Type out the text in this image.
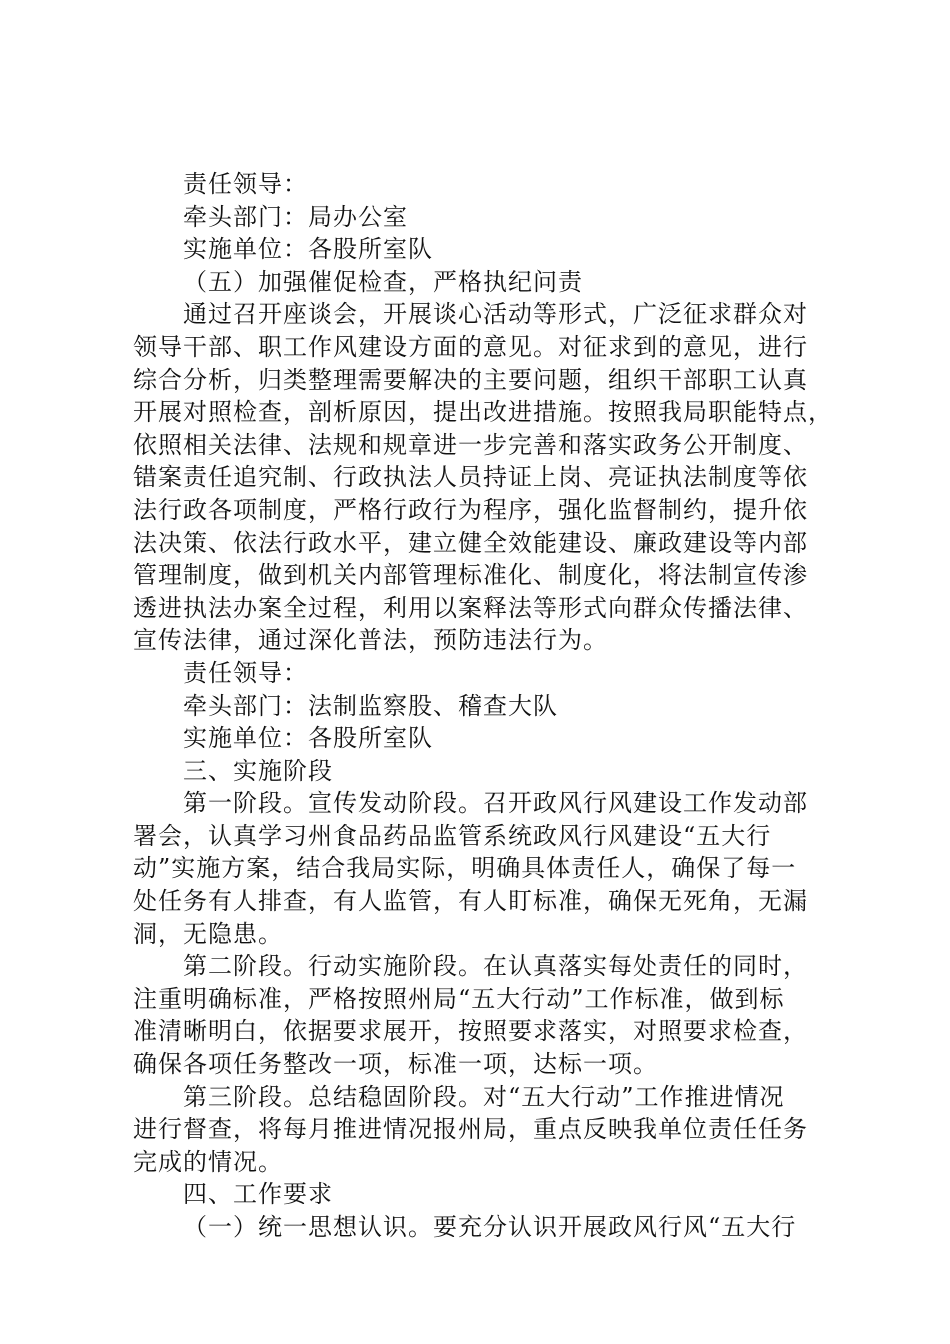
责任领导：
牵头部门：局办公室
实施单位：各股所室队
（五）加强催促检查，严格执纪问责
通过召开座谈会，开展谈心活动等形式，广泛征求群众对
领导干部、职工作风建设方面的意见。对征求到的意见，进行
综合分析，归类整理需要解决的主要问题，组织干部职工认真
开展对照检查，剖析原因，提出改进措施。按照我局职能特点，
依照相关法律、法规和规章进一步完善和落实政务公开制度、
错案责任追究制、行政执法人员持证上岗、亮证执法制度等依
法行政各项制度，严格行政行为程序，强化监督制约，提升依
法决策、依法行政水平，建立健全效能建设、廉政建设等内部
管理制度，做到机关内部管理标准化、制度化，将法制宣传渗
透进执法办案全过程，利用以案释法等形式向群众传播法律、
宣传法律，通过深化普法，预防违法行为。
责任领导：
牵头部门：法制监察股、稽查大队
实施单位：各股所室队
三、实施阶段
第一阶段。宣传发动阶段。召开政风行风建设工作发动部
署会，认真学习州食品药品监管系统政风行风建设“五大行
动”实施方案，结合我局实际，明确具体责任人，确保了每一
处任务有人排查，有人监管，有人盯标准，确保无死角，无漏
洞，无隐患。
第二阶段。行动实施阶段。在认真落实每处责任的同时，
注重明确标准，严格按照州局“五大行动”工作标准，做到标
准清晰明白，依据要求展开，按照要求落实，对照要求检查，
确保各项任务整改一项，标准一项，达标一项。
第三阶段。总结稳固阶段。对“五大行动”工作推进情况
进行督查，将每月推进情况报州局，重点反映我单位责任任务
完成的情况。
四、工作要求
（一）统一思想认识。要充分认识开展政风行风“五大行
